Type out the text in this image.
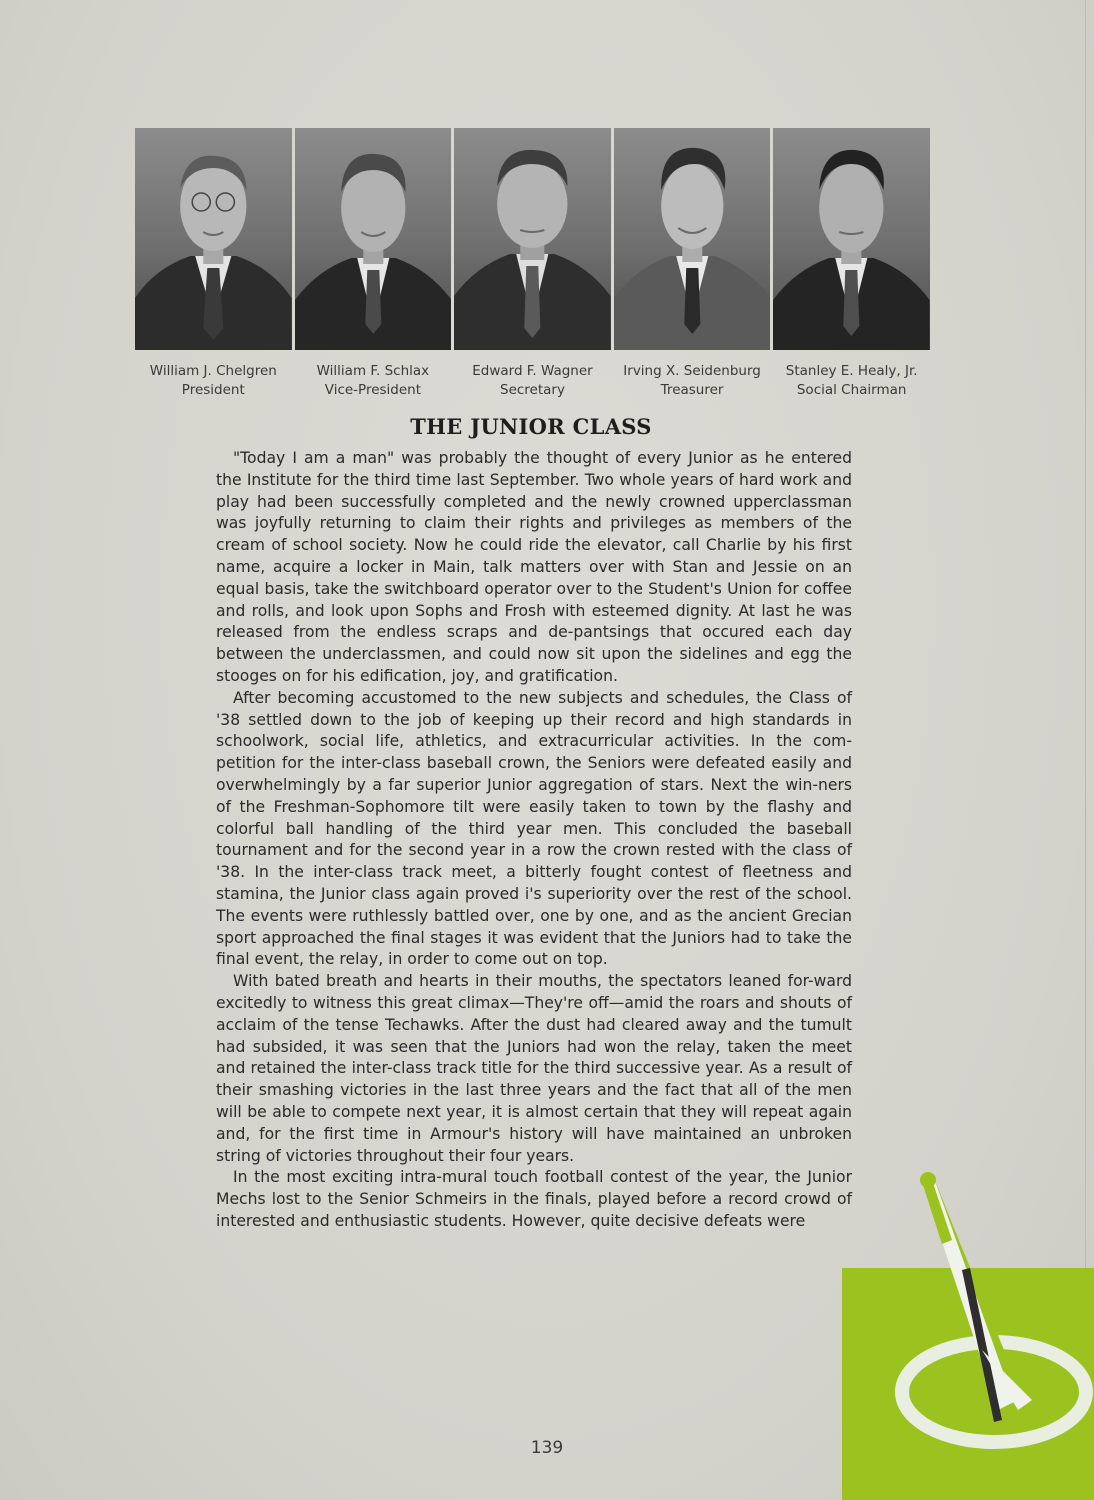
William J. Chelgren
President
William F. Schlax
Vice-President
Edward F. Wagner
Secretary
Irving X. Seidenburg
Treasurer
Stanley E. Healy, Jr.
Social Chairman
THE JUNIOR CLASS

"Today I am a man" was probably the thought of every Junior as he entered the Institute for the third time last September. Two whole years of hard work and play had been successfully completed and the newly crowned upperclassman was joyfully returning to claim their rights and privileges as members of the cream of school society. Now he could ride the elevator, call Charlie by his first name, acquire a locker in Main, talk matters over with Stan and Jessie on an equal basis, take the switchboard operator over to the Student's Union for coffee and rolls, and look upon Sophs and Frosh with esteemed dignity. At last he was released from the endless scraps and de-pantsings that occured each day between the underclassmen, and could now sit upon the sidelines and egg the stooges on for his edification, joy, and gratification.

After becoming accustomed to the new subjects and schedules, the Class of '38 settled down to the job of keeping up their record and high standards in schoolwork, social life, athletics, and extracurricular activities. In the com-petition for the inter-class baseball crown, the Seniors were defeated easily and overwhelmingly by a far superior Junior aggregation of stars. Next the win-ners of the Freshman-Sophomore tilt were easily taken to town by the flashy and colorful ball handling of the third year men. This concluded the baseball tournament and for the second year in a row the crown rested with the class of '38. In the inter-class track meet, a bitterly fought contest of fleetness and stamina, the Junior class again proved i's superiority over the rest of the school. The events were ruthlessly battled over, one by one, and as the ancient Grecian sport approached the final stages it was evident that the Juniors had to take the final event, the relay, in order to come out on top.

With bated breath and hearts in their mouths, the spectators leaned for-ward excitedly to witness this great climax—They're off—amid the roars and shouts of acclaim of the tense Techawks. After the dust had cleared away and the tumult had subsided, it was seen that the Juniors had won the relay, taken the meet and retained the inter-class track title for the third successive year. As a result of their smashing victories in the last three years and the fact that all of the men will be able to compete next year, it is almost certain that they will repeat again and, for the first time in Armour's history will have maintained an unbroken string of victories throughout their four years.

In the most exciting intra-mural touch football contest of the year, the Junior Mechs lost to the Senior Schmeirs in the finals, played before a record crowd of interested and enthusiastic students. However, quite decisive defeats were

139
